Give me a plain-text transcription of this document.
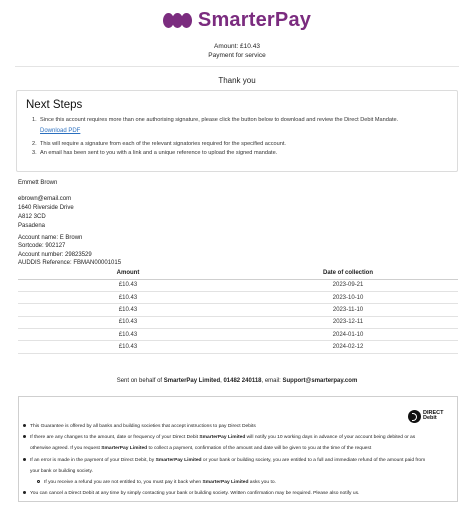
SmarterPay
Amount: £10.43
Payment for service
Thank you
Next Steps
1. Since this account requires more than one authorising signature, please click the button below to download and review the Direct Debit Mandate.
Download PDF
2. This will require a signature from each of the relevant signatories required for the specified account.
3. An email has been sent to you with a link and a unique reference to upload the signed mandate.
Emmett Brown
ebrown@email.com
1640 Riverside Drive
A812 3CD
Pasadena
Account name: E Brown
Sortcode: 902127
Account number: 29823529
AUDDIS Reference: FBMAN00001015
Amount	Date of collection
£10.43	2023-09-21
£10.43	2023-10-10
£10.43	2023-11-10
£10.43	2023-12-11
£10.43	2024-01-10
£10.43	2024-02-12
Sent on behalf of SmarterPay Limited, 01482 240118, email: Support@smarterpay.com
DIRECT
Debit
This Guarantee is offered by all banks and building societies that accept instructions to pay Direct Debits
If there are any changes to the amount, date or frequency of your Direct Debit SmarterPay Limited will notify you 10 working days in advance of your account being debited or as
otherwise agreed. If you request SmarterPay Limited to collect a payment, confirmation of the amount and date will be given to you at the time of the request
If an error is made in the payment of your Direct Debit, by SmarterPay Limited or your bank or building society, you are entitled to a full and immediate refund of the amount paid from
your bank or building society.
If you receive a refund you are not entitled to, you must pay it back when SmarterPay Limited asks you to.
You can cancel a Direct Debit at any time by simply contacting your bank or building society. Written confirmation may be required. Please also notify us.
